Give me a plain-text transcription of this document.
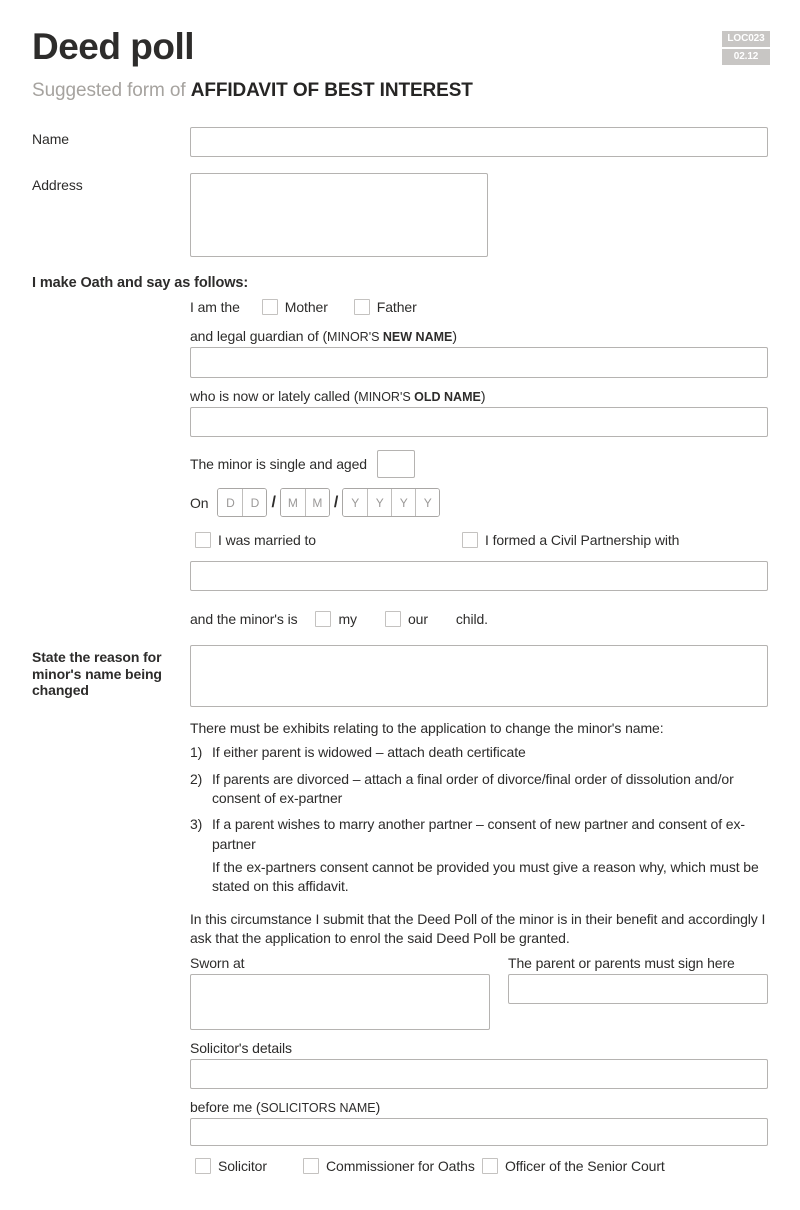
LOC023
02.12
Deed poll
Suggested form of AFFIDAVIT OF BEST INTEREST
Name
Address
I make Oath and say as follows:
I am the	Mother	Father
and legal guardian of (MINOR'S NEW NAME)
who is now or lately called (MINOR'S OLD NAME)
The minor is single and aged
On
D
D	/
M
M	/
Y
Y
Y
Y
I was married to	I formed a Civil Partnership with
and the minor's is	my	our child.
State the reason for minor's name being changed
There must be exhibits relating to the application to change the minor's name:
1) If either parent is widowed – attach death certificate
2) If parents are divorced – attach a final order of divorce/final order of dissolution and/or consent of ex-partner
3) If a parent wishes to marry another partner – consent of new partner and consent of ex-partner
If the ex-partners consent cannot be provided you must give a reason why, which must be stated on this affidavit.
In this circumstance I submit that the Deed Poll of the minor is in their benefit and accordingly I ask that the application to enrol the said Deed Poll be granted.
Sworn at	The parent or parents must sign here
Solicitor's details
before me (SOLICITORS NAME)
Solicitor	Commissioner for Oaths Officer of the Senior Court
